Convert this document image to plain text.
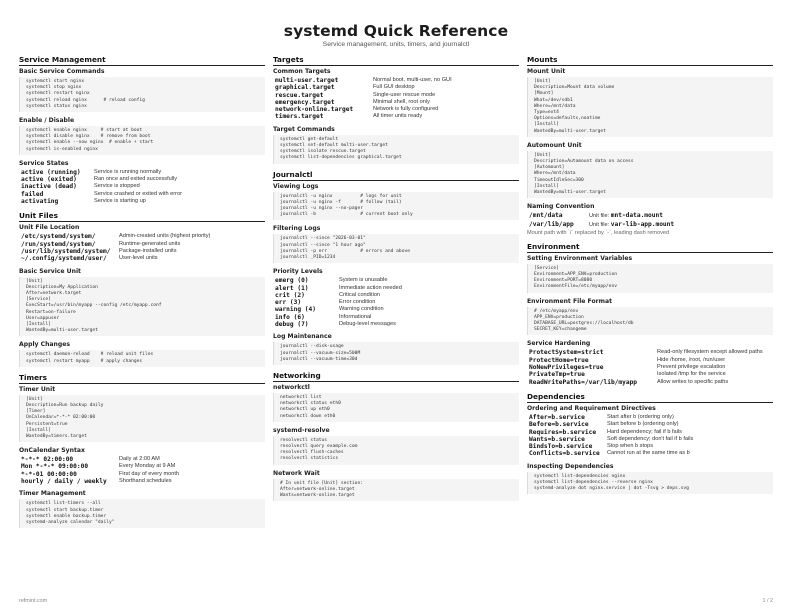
systemd Quick Reference
Service management, units, timers, and journalctl
Service Management
Basic Service Commands
systemctl start nginx
systemctl stop nginx
systemctl restart nginx
systemctl reload nginx      # reload config
systemctl status nginx
Enable / Disable
systemctl enable nginx     # start at boot
systemctl disable nginx    # remove from boot
systemctl enable --now nginx  # enable + start
systemctl is-enabled nginx
Service States
active (running)	Service is running normally
active (exited)	Ran once and exited successfully
inactive (dead)	Service is stopped
failed	Service crashed or exited with error
activating	Service is starting up
Unit Files
Unit File Location
/etc/systemd/system/	Admin-created units (highest priority)
/run/systemd/system/	Runtime-generated units
/usr/lib/systemd/system/	Package-installed units
~/.config/systemd/user/	User-level units
Basic Service Unit
[Unit]
Description=My Application
After=network.target
[Service]
ExecStart=/usr/bin/myapp --config /etc/myapp.conf
Restart=on-failure
User=appuser
[Install]
WantedBy=multi-user.target
Apply Changes
systemctl daemon-reload    # reload unit files
systemctl restart myapp    # apply changes
Timers
Timer Unit
[Unit]
Description=Run backup daily
[Timer]
OnCalendar=*-*-* 02:00:00
Persistent=true
[Install]
WantedBy=timers.target
OnCalendar Syntax
*-*-* 02:00:00	Daily at 2:00 AM
Mon *-*-* 09:00:00	Every Monday at 9 AM
*-*-01 00:00:00	First day of every month
hourly / daily / weekly	Shorthand schedules
Timer Management
systemctl list-timers --all
systemctl start backup.timer
systemctl enable backup.timer
systemd-analyze calendar "daily"
Targets
Common Targets
multi-user.target	Normal boot, multi-user, no GUI
graphical.target	Full GUI desktop
rescue.target	Single-user rescue mode
emergency.target	Minimal shell, root only
network-online.target	Network is fully configured
timers.target	All timer units ready
Target Commands
systemctl get-default
systemctl set-default multi-user.target
systemctl isolate rescue.target
systemctl list-dependencies graphical.target
Journalctl
Viewing Logs
journalctl -u nginx          # logs for unit
journalctl -u nginx -f       # follow (tail)
journalctl -u nginx --no-pager
journalctl -b                # current boot only
Filtering Logs
journalctl --since "2026-03-01"
journalctl --since "1 hour ago"
journalctl -p err            # errors and above
journalctl _PID=1234
Priority Levels
emerg (0)	System is unusable
alert (1)	Immediate action needed
crit (2)	Critical condition
err (3)	Error condition
warning (4)	Warning condition
info (6)	Informational
debug (7)	Debug-level messages
Log Maintenance
journalctl --disk-usage
journalctl --vacuum-size=500M
journalctl --vacuum-time=30d
Networking
networkctl
networkctl list
networkctl status eth0
networkctl up eth0
networkctl down eth0
systemd-resolve
resolvectl status
resolvectl query example.com
resolvectl flush-caches
resolvectl statistics
Network Wait
# In unit file [Unit] section:
After=network-online.target
Wants=network-online.target
Mounts
Mount Unit
[Unit]
Description=Mount data volume
[Mount]
What=/dev/sdb1
Where=/mnt/data
Type=ext4
Options=defaults,noatime
[Install]
WantedBy=multi-user.target
Automount Unit
[Unit]
Description=Automount data on access
[Automount]
Where=/mnt/data
TimeoutIdleSec=300
[Install]
WantedBy=multi-user.target
Naming Convention
/mnt/data	Unit file: mnt-data.mount
/var/lib/app	Unit file: var-lib-app.mount
Mount path with `/` replaced by `-`, leading dash removed
Environment
Setting Environment Variables
[Service]
Environment=APP_ENV=production
Environment=PORT=8080
EnvironmentFile=/etc/myapp/env
Environment File Format
# /etc/myapp/env
APP_ENV=production
DATABASE_URL=postgres://localhost/db
SECRET_KEY=changeme
Service Hardening
ProtectSystem=strict	Read-only filesystem except allowed paths
ProtectHome=true	Hide /home, /root, /run/user
NoNewPrivileges=true	Prevent privilege escalation
PrivateTmp=true	Isolated /tmp for the service
ReadWritePaths=/var/lib/myapp	Allow writes to specific paths
Dependencies
Ordering and Requirement Directives
After=b.service	Start after b (ordering only)
Before=b.service	Start before b (ordering only)
Requires=b.service	Hard dependency; fail if b fails
Wants=b.service	Soft dependency; don't fail if b fails
BindsTo=b.service	Stop when b stops
Conflicts=b.service	Cannot run at the same time as b
Inspecting Dependencies
systemctl list-dependencies nginx
systemctl list-dependencies --reverse nginx
systemd-analyze dot nginx.service | dot -Tsvg > deps.svg
refmint.com	1 / 2
